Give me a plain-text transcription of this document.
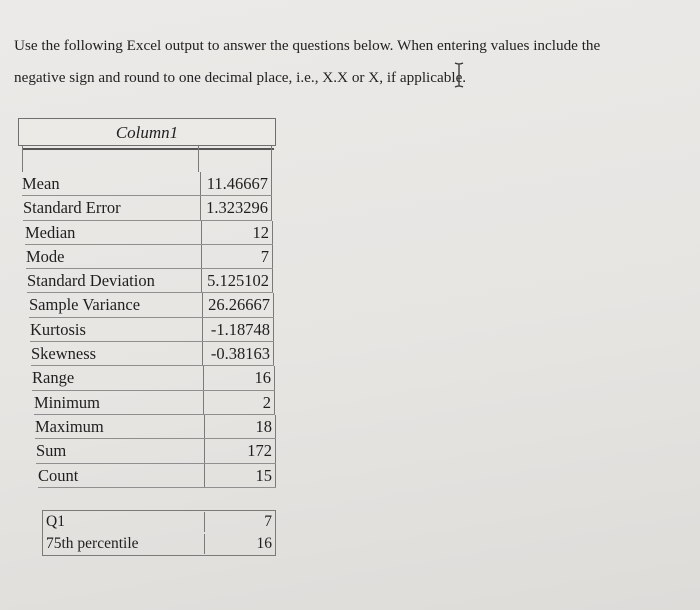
Use the following Excel output to answer the questions below. When entering values include the
negative sign and round to one decimal place, i.e., X.X or X, if applicable.

Column1
Mean	11.46667
Standard Error	1.323296
Median	12
Mode	7
Standard Deviation	5.125102
Sample Variance	26.26667
Kurtosis	-1.18748
Skewness	-0.38163
Range	16
Minimum	2
Maximum	18
Sum	172
Count	15
Q1	7
75th percentile	16
